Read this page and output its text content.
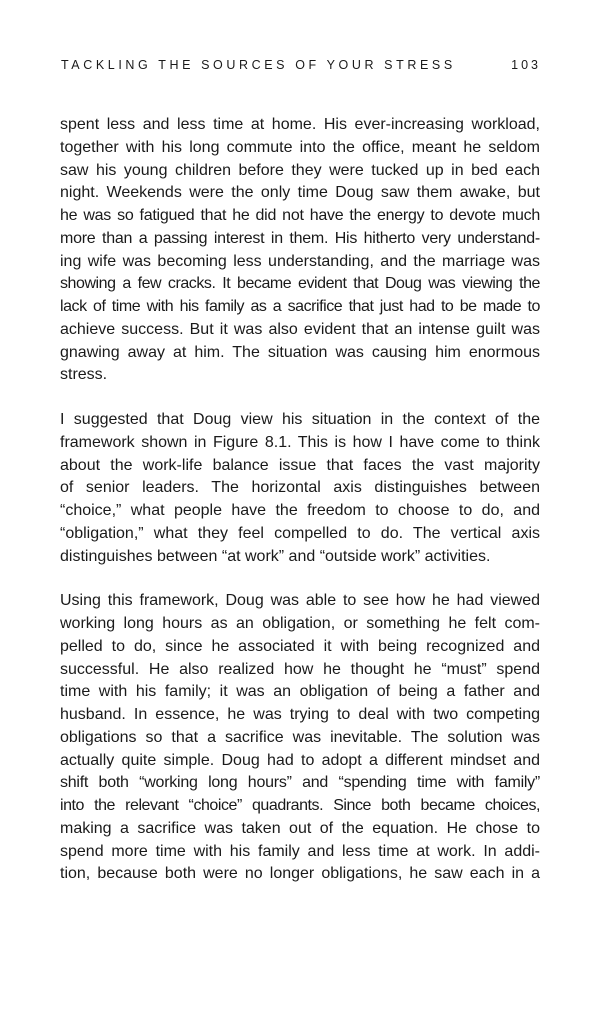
TACKLING THE SOURCES OF YOUR STRESS	103

spent less and less time at home. His ever-increasing workload,
together with his long commute into the office, meant he seldom
saw his young children before they were tucked up in bed each
night. Weekends were the only time Doug saw them awake, but
he was so fatigued that he did not have the energy to devote much
more than a passing interest in them. His hitherto very understand-
ing wife was becoming less understanding, and the marriage was
showing a few cracks. It became evident that Doug was viewing the
lack of time with his family as a sacrifice that just had to be made to
achieve success. But it was also evident that an intense guilt was
gnawing away at him. The situation was causing him enormous
stress.

I suggested that Doug view his situation in the context of the
framework shown in Figure 8.1. This is how I have come to think
about the work-life balance issue that faces the vast majority
of senior leaders. The horizontal axis distinguishes between
“choice,” what people have the freedom to choose to do, and
“obligation,” what they feel compelled to do. The vertical axis
distinguishes between “at work” and “outside work” activities.

Using this framework, Doug was able to see how he had viewed
working long hours as an obligation, or something he felt com-
pelled to do, since he associated it with being recognized and
successful. He also realized how he thought he “must” spend
time with his family; it was an obligation of being a father and
husband. In essence, he was trying to deal with two competing
obligations so that a sacrifice was inevitable. The solution was
actually quite simple. Doug had to adopt a different mindset and
shift both “working long hours” and “spending time with family”
into the relevant “choice” quadrants. Since both became choices,
making a sacrifice was taken out of the equation. He chose to
spend more time with his family and less time at work. In addi-
tion, because both were no longer obligations, he saw each in a
